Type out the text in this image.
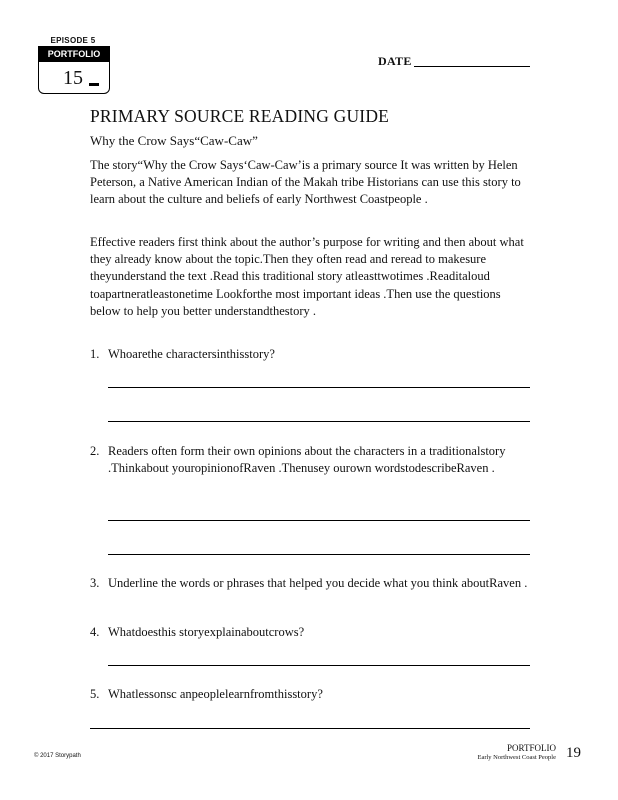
EPISODE 5
PORTFOLIO
15
DATE
PRIMARY SOURCE READING GUIDE
Why the Crow Says“Caw-Caw”

The story“Why the Crow Says‘Caw-Caw’is a primary source It was written by Helen Peterson, a Native American Indian of the Makah tribe Historians can use this story to learn about the culture and beliefs of early Northwest Coastpeople .

Effective readers first think about the author’s purpose for writing and then about what they already know about the topic.Then they often read and reread to makesure theyunderstand the text .Read this traditional story atleasttwotimes .Readitaloud toapartneratleastonetime Lookforthe most important ideas .Then use the questions below to help you better understandthestory .

1. Whoarethe charactersinthisstory?
2. Readers often form their own opinions about the characters in a traditionalstory .Thinkabout youropinionofRaven .Thenusey ourown wordstodescribeRaven .
3. Underline the words or phrases that helped you decide what you think aboutRaven .
4. Whatdoesthis storyexplainaboutcrows?
5. Whatlessonsc anpeoplelearnfromthisstory?
© 2017 Storypath
PORTFOLIO
Early Northwest Coast People 19
